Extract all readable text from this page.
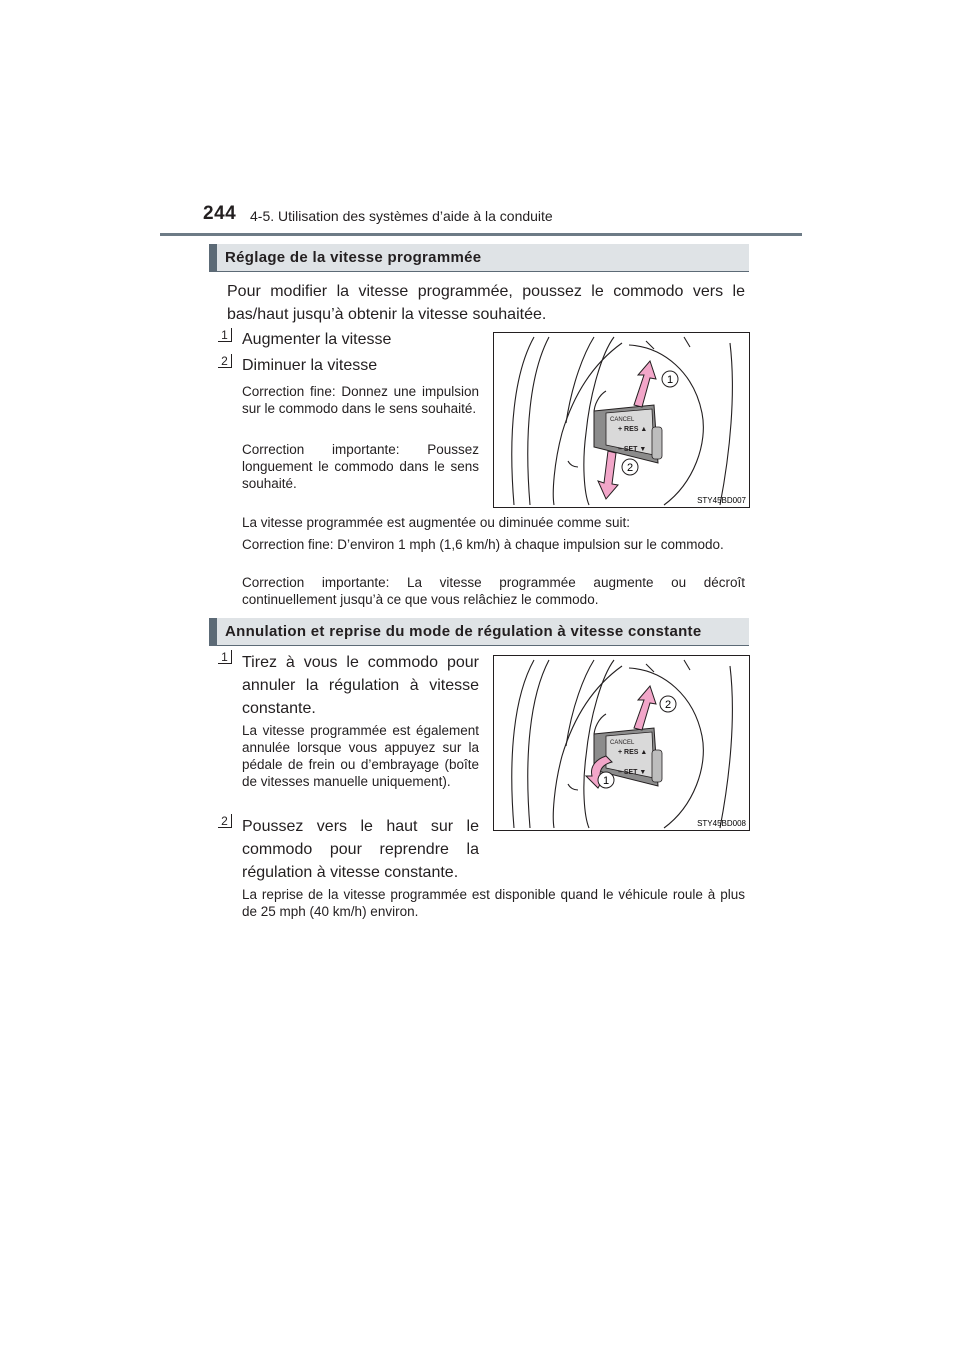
244 4-5. Utilisation des systèmes d’aide à la conduite
Réglage de la vitesse programmée
Pour modifier la vitesse programmée, poussez le commodo vers le bas/haut jusqu’à obtenir la vitesse souhaitée.
1 Augmenter la vitesse
2 Diminuer la vitesse
Correction fine: Donnez une impulsion sur le commodo dans le sens souhaité.
Correction importante: Poussez longuement le commodo dans le sens souhaité.
CANCEL
+ RES ▲
– SET ▼
1
2
STY45BD007
La vitesse programmée est augmentée ou diminuée comme suit:
Correction fine: D’environ 1 mph (1,6 km/h) à chaque impulsion sur le commodo.
Correction importante: La vitesse programmée augmente ou décroît continuellement jusqu’à ce que vous relâchiez le commodo.
Annulation et reprise du mode de régulation à vitesse constante
1 Tirez à vous le commodo pour annuler la régulation à vitesse constante.
La vitesse programmée est également annulée lorsque vous appuyez sur la pédale de frein ou d’embrayage (boîte de vitesses manuelle uniquement).
2 Poussez vers le haut sur le commodo pour reprendre la régulation à vitesse constante.
CANCEL
+ RES ▲
– SET ▼
2
1
STY45BD008
La reprise de la vitesse programmée est disponible quand le véhicule roule à plus de 25 mph (40 km/h) environ.
